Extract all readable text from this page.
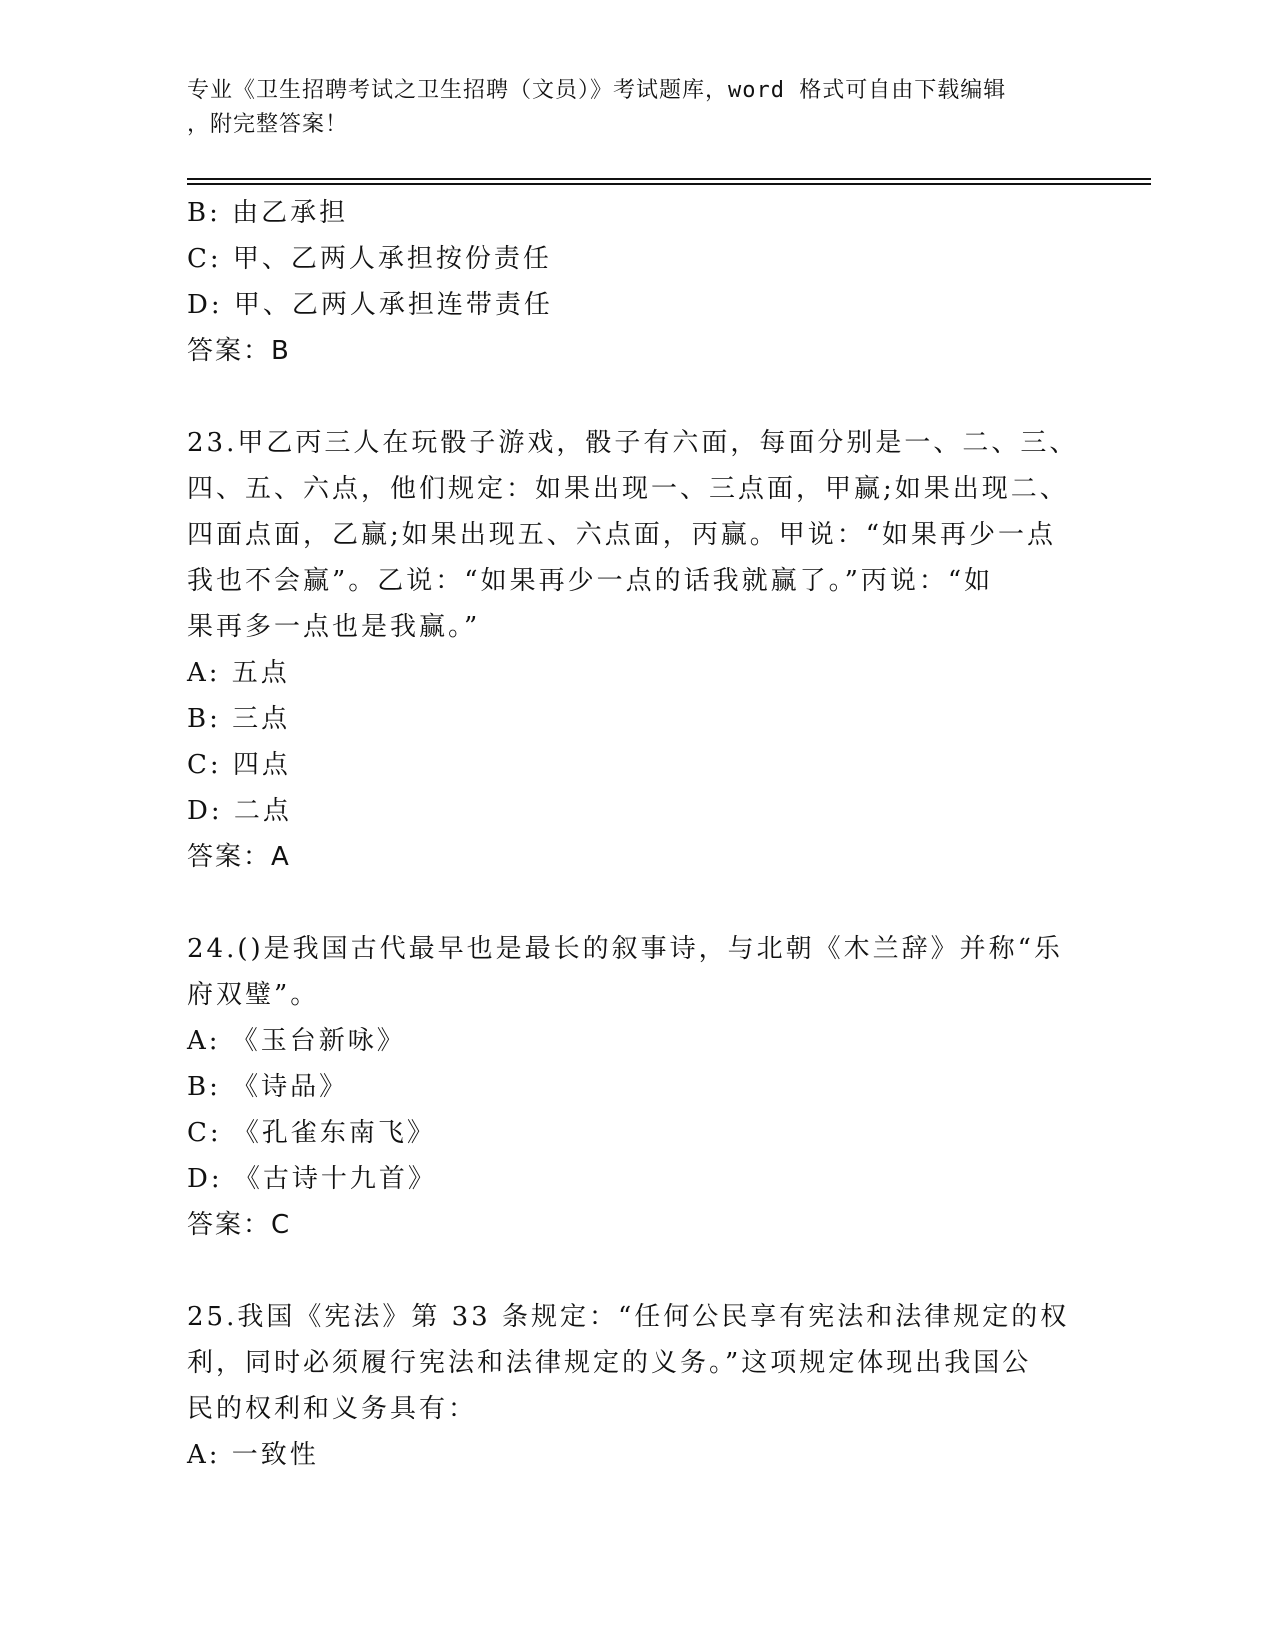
专业《卫生招聘考试之卫生招聘（文员）》考试题库，word 格式可自由下载编辑
，附完整答案！
B: 由乙承担
C: 甲、乙两人承担按份责任
D: 甲、乙两人承担连带责任
答案：B
23.甲乙丙三人在玩骰子游戏，骰子有六面，每面分别是一、二、三、
四、五、六点，他们规定：如果出现一、三点面，甲赢;如果出现二、
四面点面，乙赢;如果出现五、六点面，丙赢。甲说：“如果再少一点
我也不会赢”。乙说：“如果再少一点的话我就赢了。”丙说：“如
果再多一点也是我赢。”
A: 五点
B: 三点
C: 四点
D: 二点
答案：A
24.()是我国古代最早也是最长的叙事诗，与北朝《木兰辞》并称“乐
府双璧”。
A: 《玉台新咏》
B: 《诗品》
C: 《孔雀东南飞》
D: 《古诗十九首》
答案：C
25.我国《宪法》第 33 条规定：“任何公民享有宪法和法律规定的权
利，同时必须履行宪法和法律规定的义务。”这项规定体现出我国公
民的权利和义务具有：
A: 一致性
